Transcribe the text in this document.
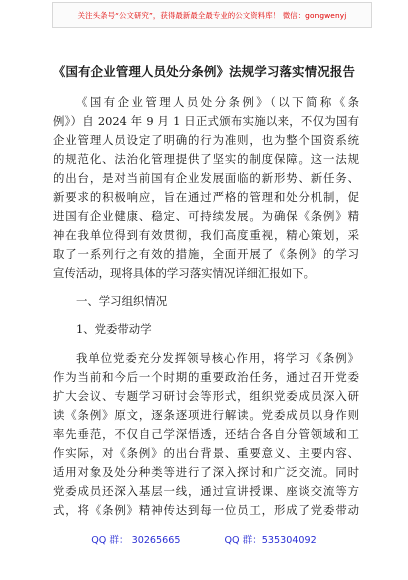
关注头条号“公文研究”，获得最新最全最专业的公文资料库！ 微信：gongwenyj
《国有企业管理人员处分条例》法规学习落实情况报告
《国有企业管理人员处分条例》（以下简称《条
例》）自 2024 年 9 月 1 日正式颁布实施以来，不仅为国有
企业管理人员设定了明确的行为准则，也为整个国资系统
的规范化、法治化管理提供了坚实的制度保障。这一法规
的出台，是对当前国有企业发展面临的新形势、新任务、
新要求的积极响应，旨在通过严格的管理和处分机制，促
进国有企业健康、稳定、可持续发展。为确保《条例》精
神在我单位得到有效贯彻，我们高度重视，精心策划，采
取了一系列行之有效的措施，全面开展了《条例》的学习
宣传活动，现将具体的学习落实情况详细汇报如下。
一、学习组织情况
1、党委带动学
我单位党委充分发挥领导核心作用，将学习《条例》
作为当前和今后一个时期的重要政治任务，通过召开党委
扩大会议、专题学习研讨会等形式，组织党委成员深入研
读《条例》原文，逐条逐项进行解读。党委成员以身作则
率先垂范，不仅自己学深悟透，还结合各自分管领域和工
作实际，对《条例》的出台背景、重要意义、主要内容、
适用对象及处分种类等进行了深入探讨和广泛交流。同时
党委成员还深入基层一线，通过宣讲授课、座谈交流等方
式，将《条例》精神传达到每一位员工，形成了党委带动
QQ 群： 30265665	QQ 群：535304092
